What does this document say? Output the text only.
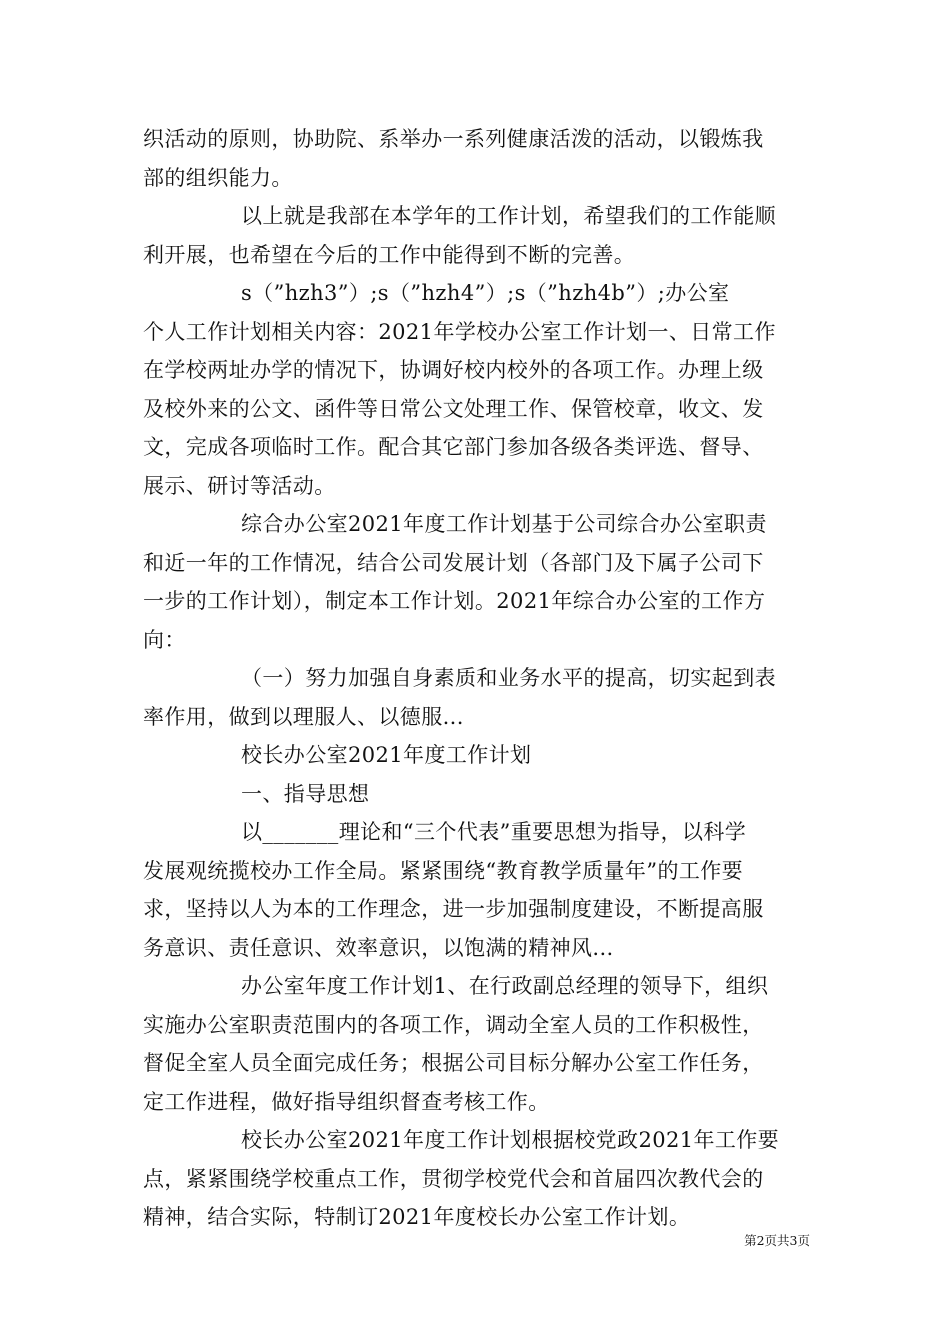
织活动的原则，协助院、系举办一系列健康活泼的活动，以锻炼我
部的组织能力。
以上就是我部在本学年的工作计划，希望我们的工作能顺
利开展，也希望在今后的工作中能得到不断的完善。
s（”hzh3”）;s（”hzh4”）;s（”hzh4b”）;办公室
个人工作计划相关内容：2021年学校办公室工作计划一、日常工作
在学校两址办学的情况下，协调好校内校外的各项工作。办理上级
及校外来的公文、函件等日常公文处理工作、保管校章，收文、发
文，完成各项临时工作。配合其它部门参加各级各类评选、督导、
展示、研讨等活动。
综合办公室2021年度工作计划基于公司综合办公室职责
和近一年的工作情况，结合公司发展计划（各部门及下属子公司下
一步的工作计划），制定本工作计划。2021年综合办公室的工作方
向：
（一）努力加强自身素质和业务水平的提高，切实起到表
率作用，做到以理服人、以德服...
校长办公室2021年度工作计划
一、指导思想
以_______理论和“三个代表”重要思想为指导，以科学
发展观统揽校办工作全局。紧紧围绕“教育教学质量年”的工作要
求，坚持以人为本的工作理念，进一步加强制度建设，不断提高服
务意识、责任意识、效率意识，以饱满的精神风...
办公室年度工作计划1、在行政副总经理的领导下，组织
实施办公室职责范围内的各项工作，调动全室人员的工作积极性，
督促全室人员全面完成任务；根据公司目标分解办公室工作任务，
定工作进程，做好指导组织督查考核工作。
校长办公室2021年度工作计划根据校党政2021年工作要
点，紧紧围绕学校重点工作，贯彻学校党代会和首届四次教代会的
精神，结合实际，特制订2021年度校长办公室工作计划。
第2页共3页
